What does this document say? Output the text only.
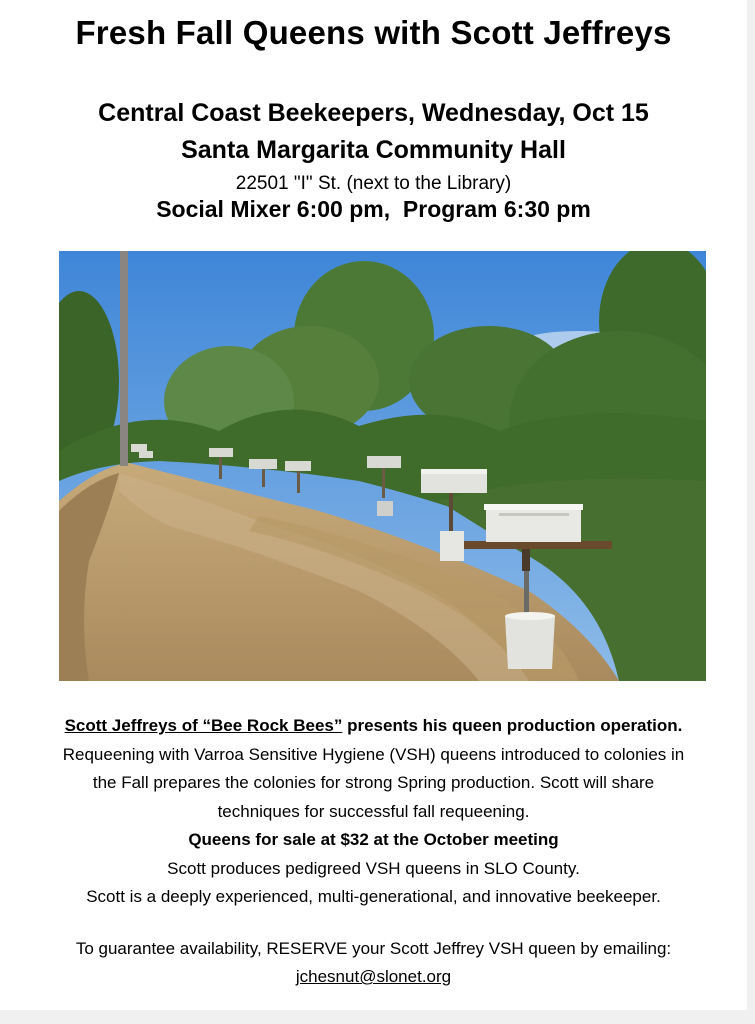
Fresh Fall Queens with Scott Jeffreys
Central Coast Beekeepers, Wednesday, Oct 15
Santa Margarita Community Hall
22501 "I" St. (next to the Library)
Social Mixer 6:00 pm,  Program 6:30 pm

Scott Jeffreys of “Bee Rock Bees” presents his queen production operation.

Requeening with Varroa Sensitive Hygiene (VSH) queens introduced to colonies in

the Fall prepares the colonies for strong Spring production. Scott will share

techniques for successful fall requeening.

Queens for sale at $32 at the October meeting

Scott produces pedigreed VSH queens in SLO County.

Scott is a deeply experienced, multi-generational, and innovative beekeeper.

To guarantee availability, RESERVE your Scott Jeffrey VSH queen by emailing:

jchesnut@slonet.org
